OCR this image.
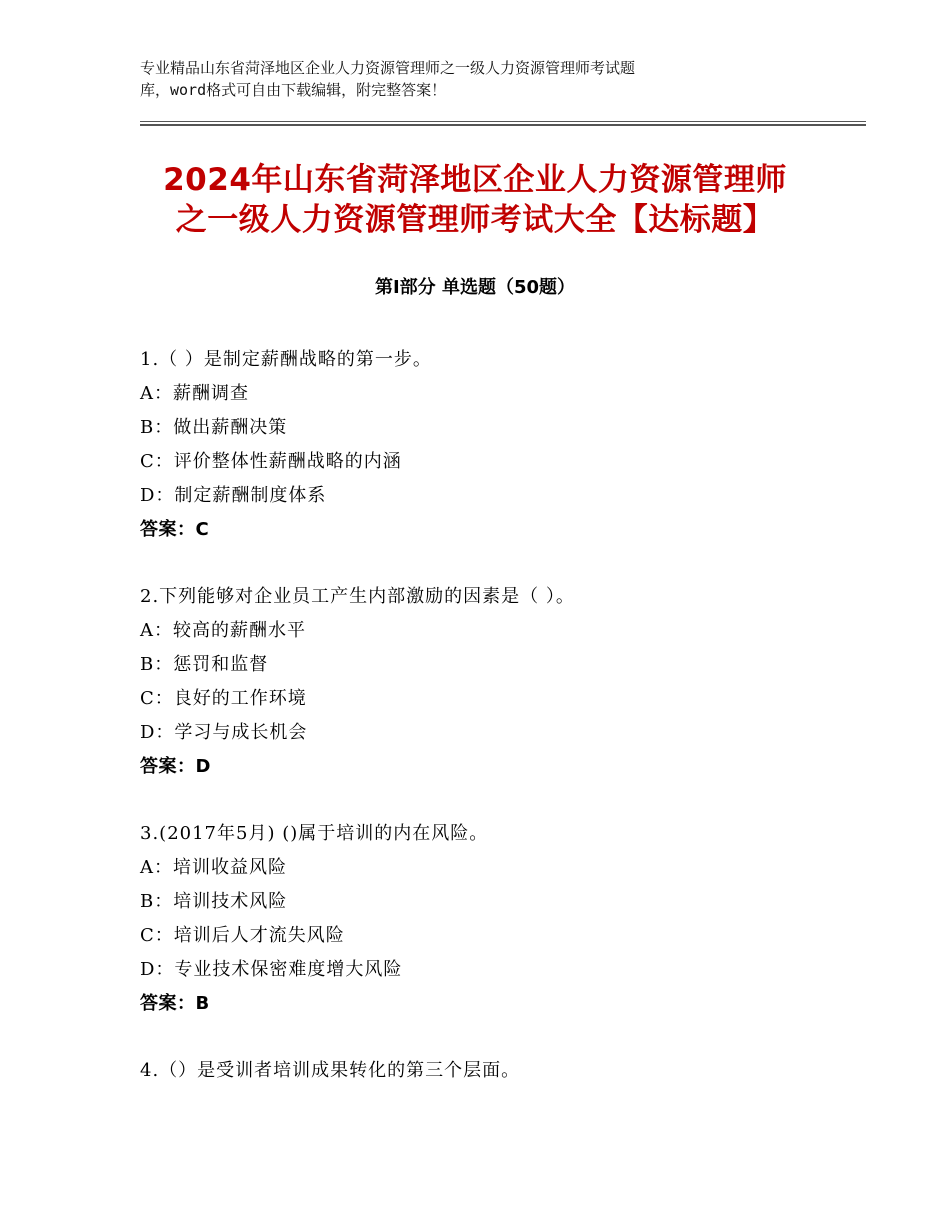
专业精品山东省菏泽地区企业人力资源管理师之一级人力资源管理师考试题
库，word格式可自由下载编辑，附完整答案！
2024年山东省菏泽地区企业人力资源管理师
之一级人力资源管理师考试大全【达标题】
第Ⅰ部分 单选题（50题）
1.（ ）是制定薪酬战略的第一步。
A：薪酬调查
B：做出薪酬决策
C：评价整体性薪酬战略的内涵
D：制定薪酬制度体系
答案：C
2.下列能够对企业员工产生内部激励的因素是（ ）。
A：较高的薪酬水平
B：惩罚和监督
C：良好的工作环境
D：学习与成长机会
答案：D
3.(2017年5月) ()属于培训的内在风险。
A：培训收益风险
B：培训技术风险
C：培训后人才流失风险
D：专业技术保密难度增大风险
答案：B
4.（）是受训者培训成果转化的第三个层面。
